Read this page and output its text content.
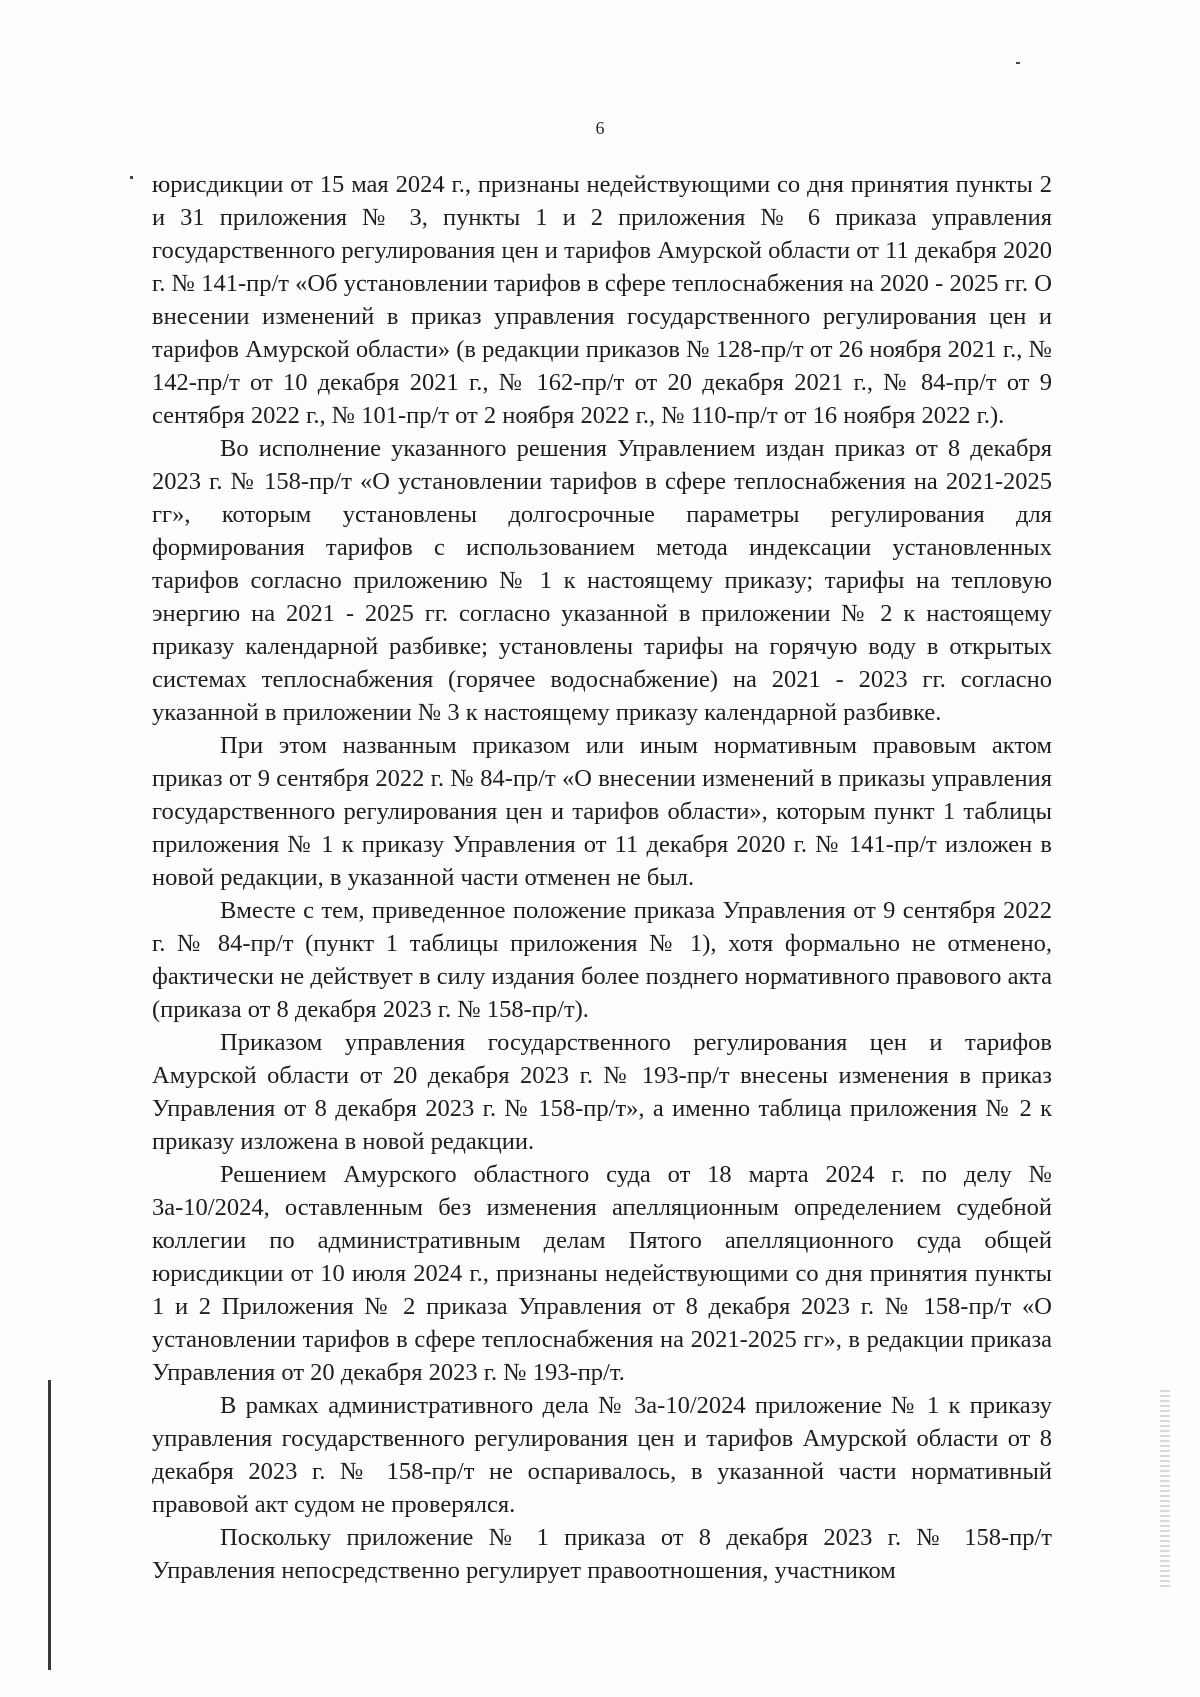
6

юрисдикции от 15 мая 2024 г., признаны недействующими со дня принятия пункты 2 и 31 приложения № 3, пункты 1 и 2 приложения № 6 приказа управления государственного регулирования цен и тарифов Амурской области от 11 декабря 2020 г. № 141-пр/т «Об установлении тарифов в сфере теплоснабжения на 2020 - 2025 гг. О внесении изменений в приказ управления государственного регулирования цен и тарифов Амурской области» (в редакции приказов № 128-пр/т от 26 ноября 2021 г., № 142-пр/т от 10 декабря 2021 г., № 162-пр/т от 20 декабря 2021 г., № 84-пр/т от 9 сентября 2022 г., № 101-пр/т от 2 ноября 2022 г., № 110-пр/т от 16 ноября 2022 г.).

Во исполнение указанного решения Управлением издан приказ от 8 декабря 2023 г. № 158-пр/т «О установлении тарифов в сфере теплоснабжения на 2021-2025 гг», которым установлены долгосрочные параметры регулирования для формирования тарифов с использованием метода индексации установленных тарифов согласно приложению № 1 к настоящему приказу; тарифы на тепловую энергию на 2021 - 2025 гг. согласно указанной в приложении № 2 к настоящему приказу календарной разбивке; установлены тарифы на горячую воду в открытых системах теплоснабжения (горячее водоснабжение) на 2021 - 2023 гг. согласно указанной в приложении № 3 к настоящему приказу календарной разбивке.

При этом названным приказом или иным нормативным правовым актом приказ от 9 сентября 2022 г. № 84-пр/т «О внесении изменений в приказы управления государственного регулирования цен и тарифов области», которым пункт 1 таблицы приложения № 1 к приказу Управления от 11 декабря 2020 г. № 141-пр/т изложен в новой редакции, в указанной части отменен не был.

Вместе с тем, приведенное положение приказа Управления от 9 сентября 2022 г. № 84-пр/т (пункт 1 таблицы приложения № 1), хотя формально не отменено, фактически не действует в силу издания более позднего нормативного правового акта (приказа от 8 декабря 2023 г. № 158-пр/т).

Приказом управления государственного регулирования цен и тарифов Амурской области от 20 декабря 2023 г. № 193-пр/т внесены изменения в приказ Управления от 8 декабря 2023 г. № 158-пр/т», а именно таблица приложения № 2 к приказу изложена в новой редакции.

Решением Амурского областного суда от 18 марта 2024 г. по делу № 3а-10/2024, оставленным без изменения апелляционным определением судебной коллегии по административным делам Пятого апелляционного суда общей юрисдикции от 10 июля 2024 г., признаны недействующими со дня принятия пункты 1 и 2 Приложения № 2 приказа Управления от 8 декабря 2023 г. № 158-пр/т «О установлении тарифов в сфере теплоснабжения на 2021-2025 гг», в редакции приказа Управления от 20 декабря 2023 г. № 193-пр/т.

В рамках административного дела № 3а-10/2024 приложение № 1 к приказу управления государственного регулирования цен и тарифов Амурской области от 8 декабря 2023 г. № 158-пр/т не оспаривалось, в указанной части нормативный правовой акт судом не проверялся.

Поскольку приложение № 1 приказа от 8 декабря 2023 г. № 158-пр/т Управления непосредственно регулирует правоотношения, участником
